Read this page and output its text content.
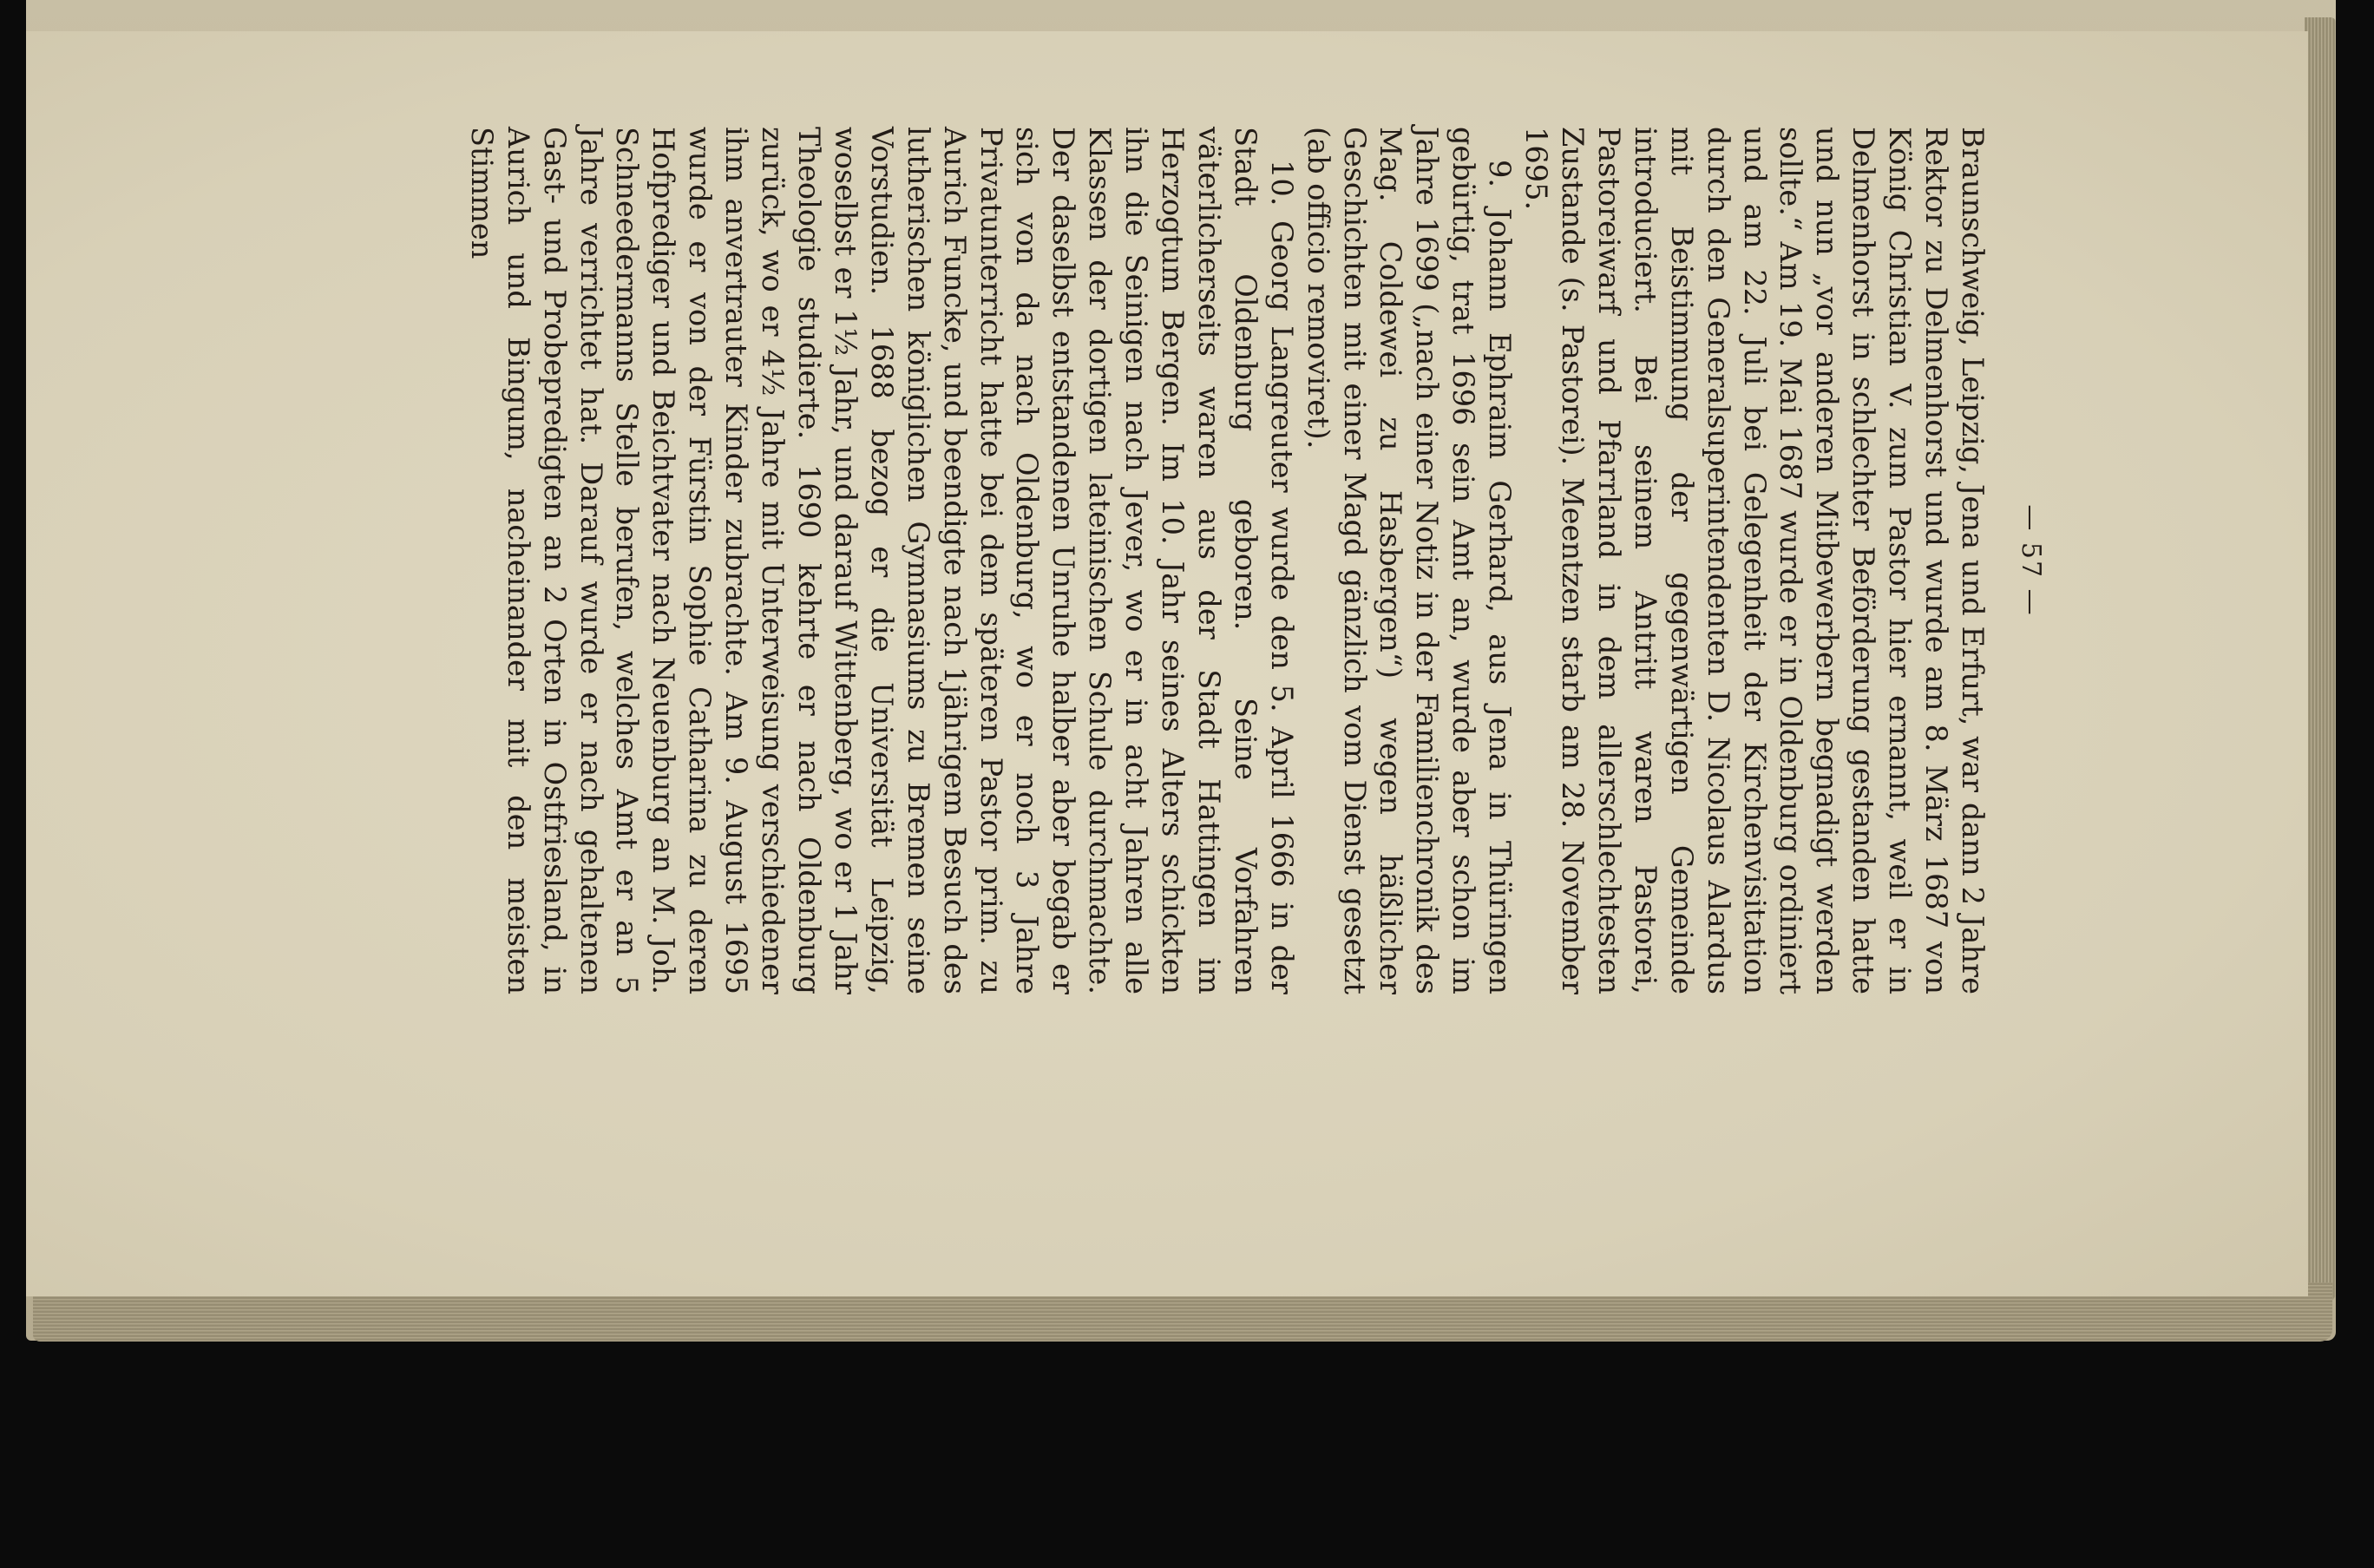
— 57 —

Braunschweig, Leipzig, Jena und Erfurt, war dann 2 Jahre Rektor zu Delmenhorst und wurde am 8. März 1687 von König Christian V. zum Pastor hier ernannt, weil er in Delmenhorst in schlechter Beförderung gestanden hatte und nun „vor anderen Mitbewerbern begnadigt werden sollte.“ Am 19. Mai 1687 wurde er in Oldenburg ordiniert und am 22. Juli bei Gelegenheit der Kirchenvisitation durch den Generalsuperintendenten D. Nicolaus Alardus mit Beistimmung der gegenwärtigen Gemeinde introduciert. Bei seinem Antritt waren Pastorei, Pastoreiwarf und Pfarrland in dem allerschlechtesten Zustande (s. Pastorei). Meentzen starb am 28. November 1695.

9. Johann Ephraim Gerhard, aus Jena in Thüringen gebürtig, trat 1696 sein Amt an, wurde aber schon im Jahre 1699 („nach einer Notiz in der Familienchronik des Mag. Coldewei zu Hasbergen“) wegen häßlicher Geschichten mit einer Magd gänzlich vom Dienst gesetzt (ab officio removiret).

10. Georg Langreuter wurde den 5. April 1666 in der Stadt Oldenburg geboren. Seine Vorfahren väterlicherseits waren aus der Stadt Hattingen im Herzogtum Bergen. Im 10. Jahr seines Alters schickten ihn die Seinigen nach Jever, wo er in acht Jahren alle Klassen der dortigen lateinischen Schule durchmachte. Der daselbst entstandenen Unruhe halber aber begab er sich von da nach Oldenburg, wo er noch 3 Jahre Privatunterricht hatte bei dem späteren Pastor prim. zu Aurich Funcke, und beendigte nach 1jährigem Besuch des lutherischen königlichen Gymnasiums zu Bremen seine Vorstudien. 1688 bezog er die Universität Leipzig, woselbst er 1½ Jahr, und darauf Wittenberg, wo er 1 Jahr Theologie studierte. 1690 kehrte er nach Oldenburg zurück, wo er 4½ Jahre mit Unterweisung verschiedener ihm anvertrauter Kinder zubrachte. Am 9. August 1695 wurde er von der Fürstin Sophie Catharina zu deren Hofprediger und Beichtvater nach Neuenburg an M. Joh. Schneedermanns Stelle berufen, welches Amt er an 5 Jahre verrichtet hat. Darauf wurde er nach gehaltenen Gast- und Probepredigten an 2 Orten in Ostfriesland, in Aurich und Bingum, nacheinander mit den meisten Stimmen
